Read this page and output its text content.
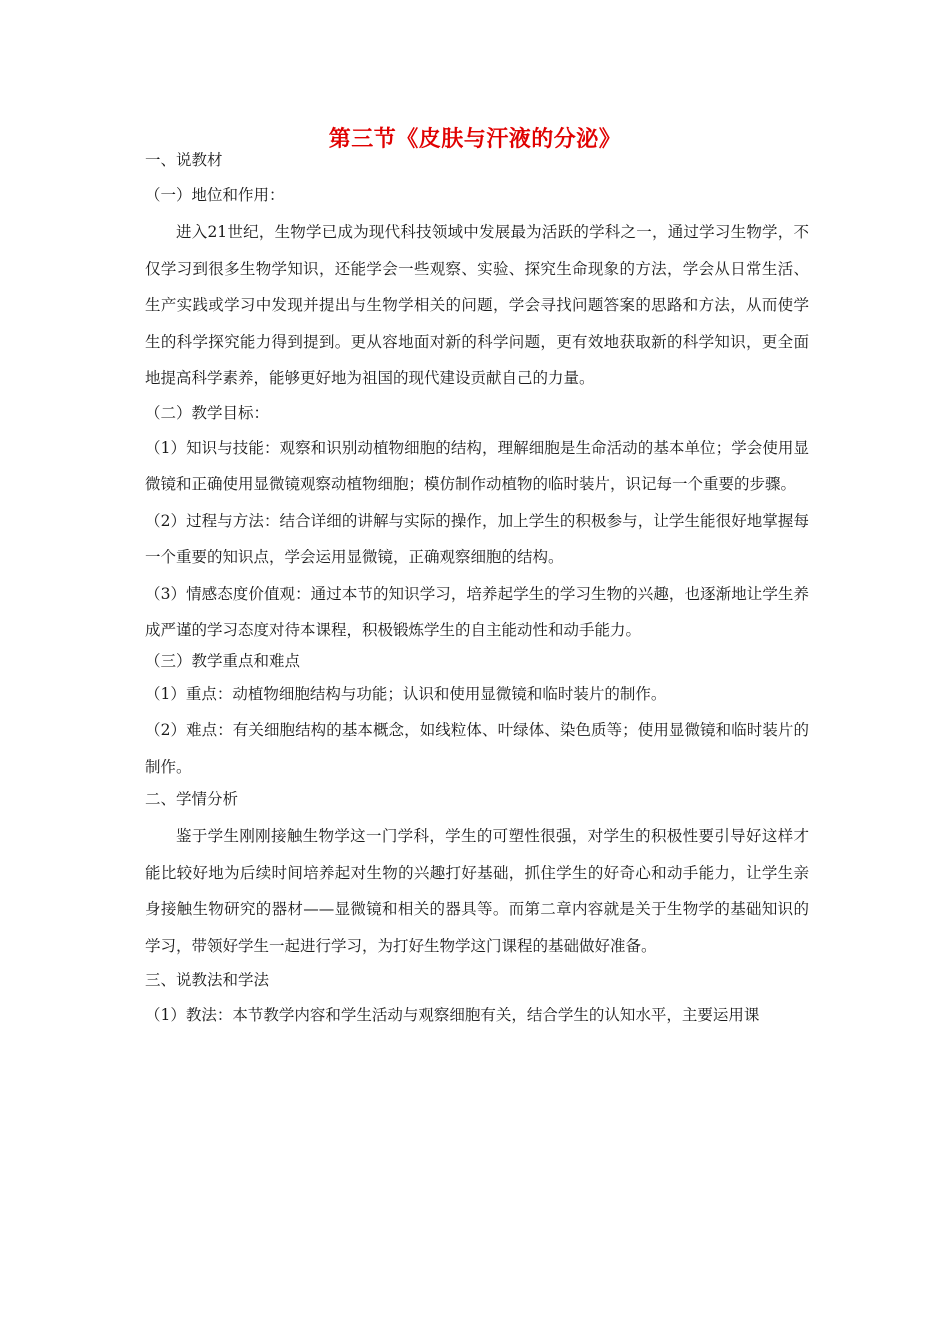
第三节《皮肤与汗液的分泌》

一、说教材

（一）地位和作用：

进入21世纪，生物学已成为现代科技领域中发展最为活跃的学科之一，通过学习生物学，不仅学习到很多生物学知识，还能学会一些观察、实验、探究生命现象的方法，学会从日常生活、生产实践或学习中发现并提出与生物学相关的问题，学会寻找问题答案的思路和方法，从而使学生的科学探究能力得到提到。更从容地面对新的科学问题，更有效地获取新的科学知识，更全面地提高科学素养，能够更好地为祖国的现代建设贡献自己的力量。

（二）教学目标：

（1）知识与技能：观察和识别动植物细胞的结构，理解细胞是生命活动的基本单位；学会使用显微镜和正确使用显微镜观察动植物细胞；模仿制作动植物的临时装片，识记每一个重要的步骤。

（2）过程与方法：结合详细的讲解与实际的操作，加上学生的积极参与，让学生能很好地掌握每一个重要的知识点，学会运用显微镜，正确观察细胞的结构。

（3）情感态度价值观：通过本节的知识学习，培养起学生的学习生物的兴趣，也逐渐地让学生养成严谨的学习态度对待本课程，积极锻炼学生的自主能动性和动手能力。

（三）教学重点和难点

（1）重点：动植物细胞结构与功能；认识和使用显微镜和临时装片的制作。

（2）难点：有关细胞结构的基本概念，如线粒体、叶绿体、染色质等；使用显微镜和临时装片的制作。

二、学情分析

鉴于学生刚刚接触生物学这一门学科，学生的可塑性很强，对学生的积极性要引导好这样才能比较好地为后续时间培养起对生物的兴趣打好基础，抓住学生的好奇心和动手能力，让学生亲身接触生物研究的器材——显微镜和相关的器具等。而第二章内容就是关于生物学的基础知识的学习，带领好学生一起进行学习，为打好生物学这门课程的基础做好准备。

三、说教法和学法

（1）教法：本节教学内容和学生活动与观察细胞有关，结合学生的认知水平，主要运用课
